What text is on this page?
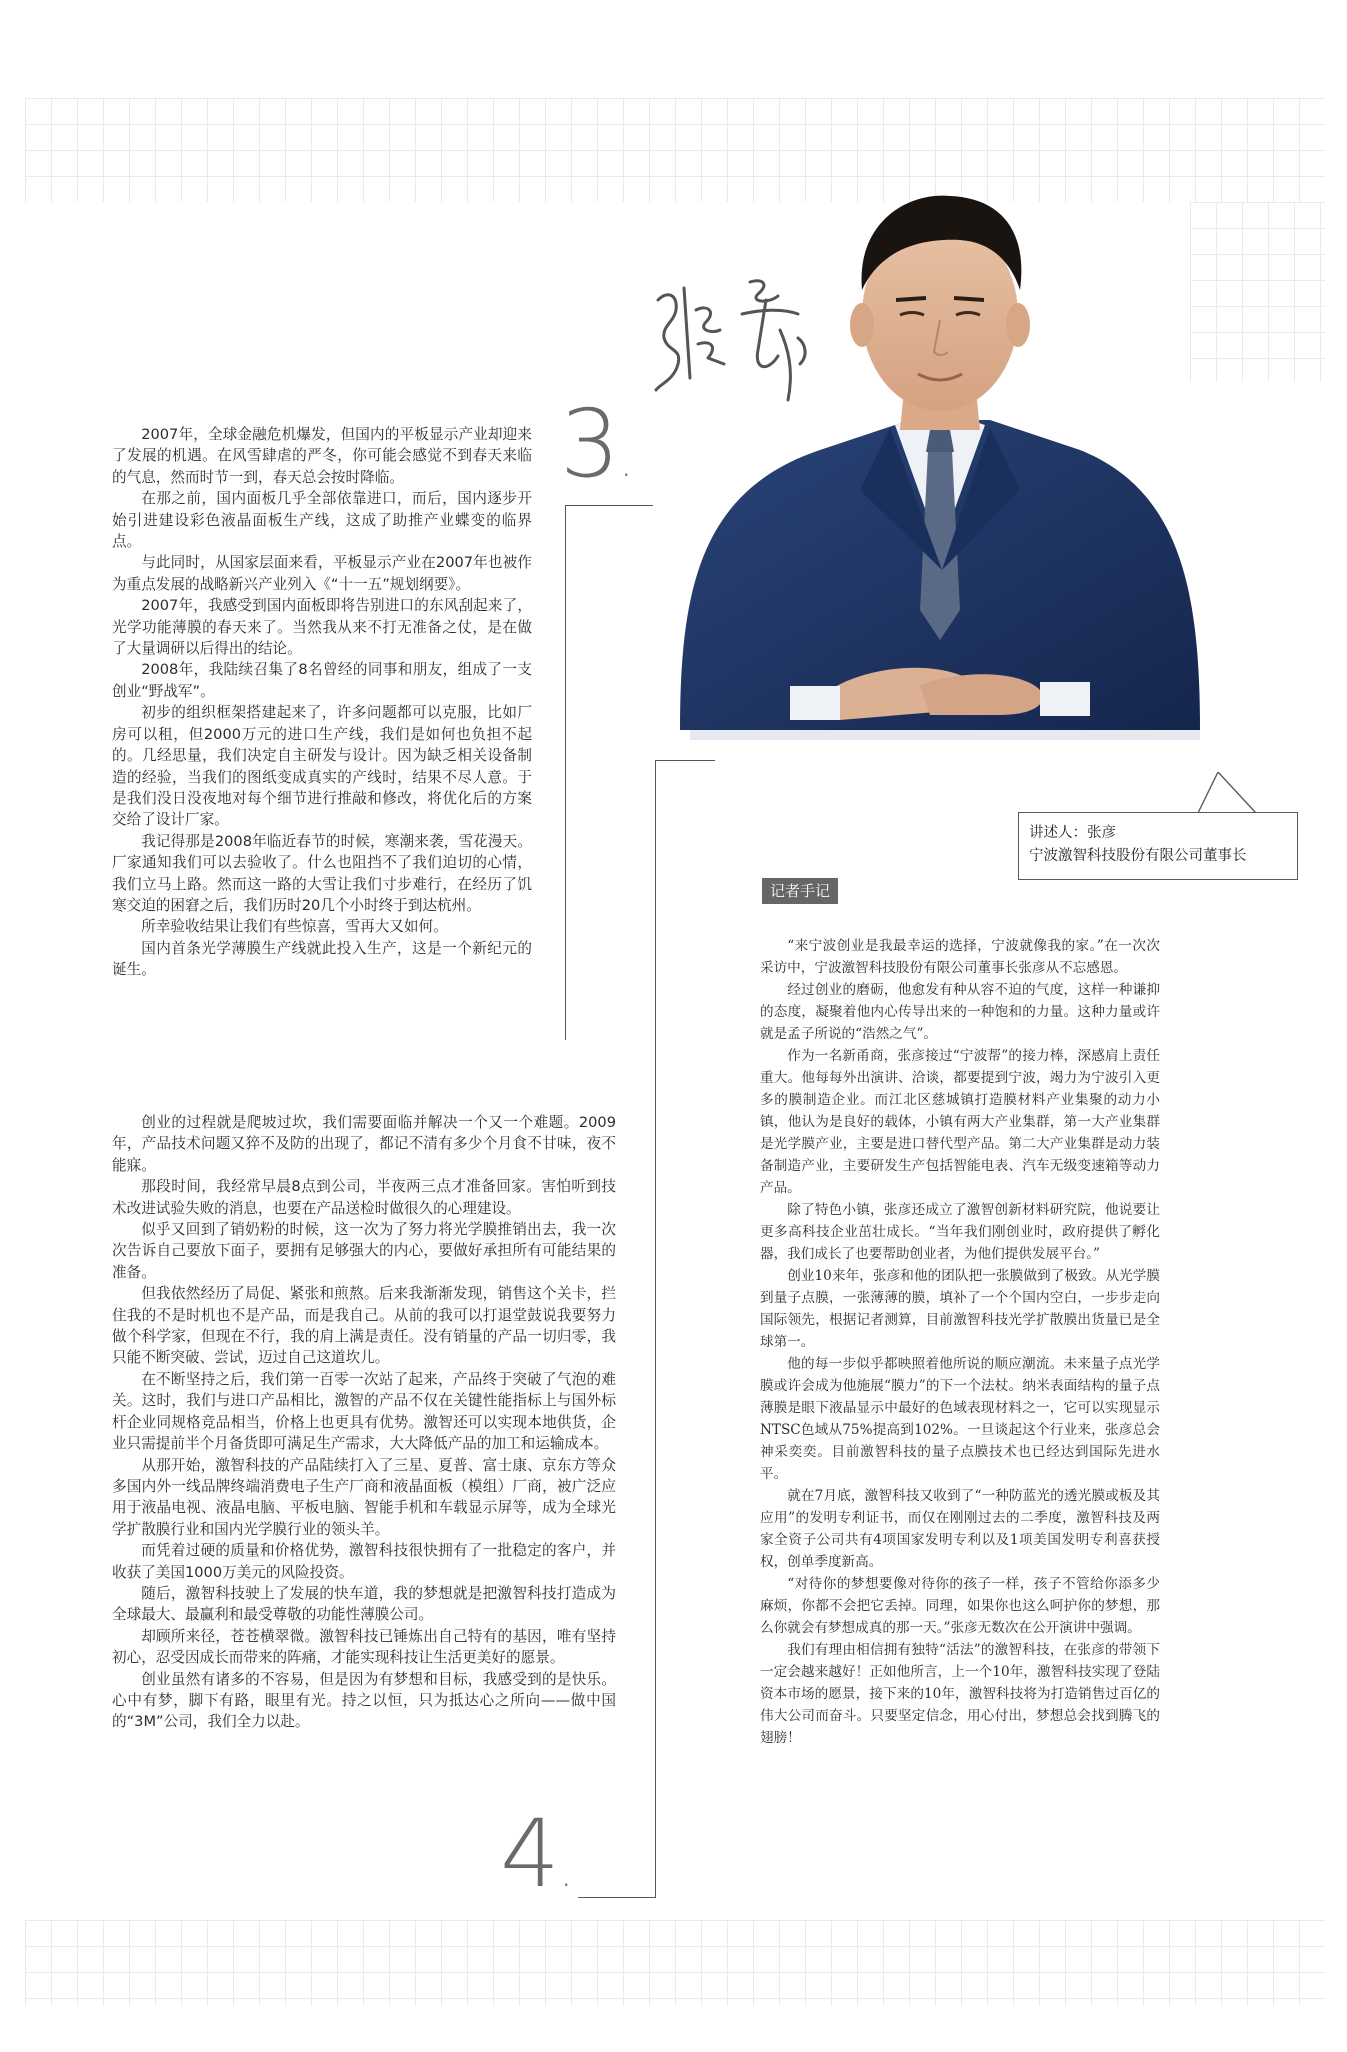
3.
4.
讲述人：张彦
宁波激智科技股份有限公司董事长
记者手记

2007年，全球金融危机爆发，但国内的平板显示产业却迎来了发展的机遇。在风雪肆虐的严冬，你可能会感觉不到春天来临的气息，然而时节一到，春天总会按时降临。

在那之前，国内面板几乎全部依靠进口，而后，国内逐步开始引进建设彩色液晶面板生产线，这成了助推产业蝶变的临界点。

与此同时，从国家层面来看，平板显示产业在2007年也被作为重点发展的战略新兴产业列入《“十一五”规划纲要》。

2007年，我感受到国内面板即将告别进口的东风刮起来了，光学功能薄膜的春天来了。当然我从来不打无准备之仗，是在做了大量调研以后得出的结论。

2008年，我陆续召集了8名曾经的同事和朋友，组成了一支创业“野战军”。

初步的组织框架搭建起来了，许多问题都可以克服，比如厂房可以租，但2000万元的进口生产线，我们是如何也负担不起的。几经思量，我们决定自主研发与设计。因为缺乏相关设备制造的经验，当我们的图纸变成真实的产线时，结果不尽人意。于是我们没日没夜地对每个细节进行推敲和修改，将优化后的方案交给了设计厂家。

我记得那是2008年临近春节的时候，寒潮来袭，雪花漫天。厂家通知我们可以去验收了。什么也阻挡不了我们迫切的心情，我们立马上路。然而这一路的大雪让我们寸步难行，在经历了饥寒交迫的困窘之后，我们历时20几个小时终于到达杭州。

所幸验收结果让我们有些惊喜，雪再大又如何。

国内首条光学薄膜生产线就此投入生产，这是一个新纪元的诞生。

创业的过程就是爬坡过坎，我们需要面临并解决一个又一个难题。2009年，产品技术问题又猝不及防的出现了，都记不清有多少个月食不甘味，夜不能寐。

那段时间，我经常早晨8点到公司，半夜两三点才准备回家。害怕听到技术改进试验失败的消息，也要在产品送检时做很久的心理建设。

似乎又回到了销奶粉的时候，这一次为了努力将光学膜推销出去，我一次次告诉自己要放下面子，要拥有足够强大的内心，要做好承担所有可能结果的准备。

但我依然经历了局促、紧张和煎熬。后来我渐渐发现，销售这个关卡，拦住我的不是时机也不是产品，而是我自己。从前的我可以打退堂鼓说我要努力做个科学家，但现在不行，我的肩上满是责任。没有销量的产品一切归零，我只能不断突破、尝试，迈过自己这道坎儿。

在不断坚持之后，我们第一百零一次站了起来，产品终于突破了气泡的难关。这时，我们与进口产品相比，激智的产品不仅在关键性能指标上与国外标杆企业同规格竞品相当，价格上也更具有优势。激智还可以实现本地供货，企业只需提前半个月备货即可满足生产需求，大大降低产品的加工和运输成本。

从那开始，激智科技的产品陆续打入了三星、夏普、富士康、京东方等众多国内外一线品牌终端消费电子生产厂商和液晶面板（模组）厂商，被广泛应用于液晶电视、液晶电脑、平板电脑、智能手机和车载显示屏等，成为全球光学扩散膜行业和国内光学膜行业的领头羊。

而凭着过硬的质量和价格优势，激智科技很快拥有了一批稳定的客户，并收获了美国1000万美元的风险投资。

随后，激智科技驶上了发展的快车道，我的梦想就是把激智科技打造成为全球最大、最赢利和最受尊敬的功能性薄膜公司。

却顾所来径，苍苍横翠微。激智科技已锤炼出自己特有的基因，唯有坚持初心，忍受因成长而带来的阵痛，才能实现科技让生活更美好的愿景。

创业虽然有诸多的不容易，但是因为有梦想和目标，我感受到的是快乐。心中有梦，脚下有路，眼里有光。持之以恒，只为抵达心之所向——做中国的“3M”公司，我们全力以赴。

“来宁波创业是我最幸运的选择，宁波就像我的家。”在一次次采访中，宁波激智科技股份有限公司董事长张彦从不忘感恩。

经过创业的磨砺，他愈发有种从容不迫的气度，这样一种谦抑的态度，凝聚着他内心传导出来的一种饱和的力量。这种力量或许就是孟子所说的“浩然之气”。

作为一名新甬商，张彦接过“宁波帮”的接力棒，深感肩上责任重大。他每每外出演讲、洽谈，都要提到宁波，竭力为宁波引入更多的膜制造企业。而江北区慈城镇打造膜材料产业集聚的动力小镇，他认为是良好的载体，小镇有两大产业集群，第一大产业集群是光学膜产业，主要是进口替代型产品。第二大产业集群是动力装备制造产业，主要研发生产包括智能电表、汽车无级变速箱等动力产品。

除了特色小镇，张彦还成立了激智创新材料研究院，他说要让更多高科技企业茁壮成长。“当年我们刚创业时，政府提供了孵化器，我们成长了也要帮助创业者，为他们提供发展平台。”

创业10来年，张彦和他的团队把一张膜做到了极致。从光学膜到量子点膜，一张薄薄的膜，填补了一个个国内空白，一步步走向国际领先，根据记者测算，目前激智科技光学扩散膜出货量已是全球第一。

他的每一步似乎都映照着他所说的顺应潮流。未来量子点光学膜或许会成为他施展“膜力”的下一个法杖。纳米表面结构的量子点薄膜是眼下液晶显示中最好的色域表现材料之一，它可以实现显示NTSC色域从75%提高到102%。一旦谈起这个行业来，张彦总会神采奕奕。目前激智科技的量子点膜技术也已经达到国际先进水平。

就在7月底，激智科技又收到了“一种防蓝光的透光膜或板及其应用”的发明专利证书，而仅在刚刚过去的二季度，激智科技及两家全资子公司共有4项国家发明专利以及1项美国发明专利喜获授权，创单季度新高。

“对待你的梦想要像对待你的孩子一样，孩子不管给你添多少麻烦，你都不会把它丢掉。同理，如果你也这么呵护你的梦想，那么你就会有梦想成真的那一天。”张彦无数次在公开演讲中强调。

我们有理由相信拥有独特“活法”的激智科技，在张彦的带领下一定会越来越好！正如他所言，上一个10年，激智科技实现了登陆资本市场的愿景，接下来的10年，激智科技将为打造销售过百亿的伟大公司而奋斗。只要坚定信念，用心付出，梦想总会找到腾飞的翅膀！
